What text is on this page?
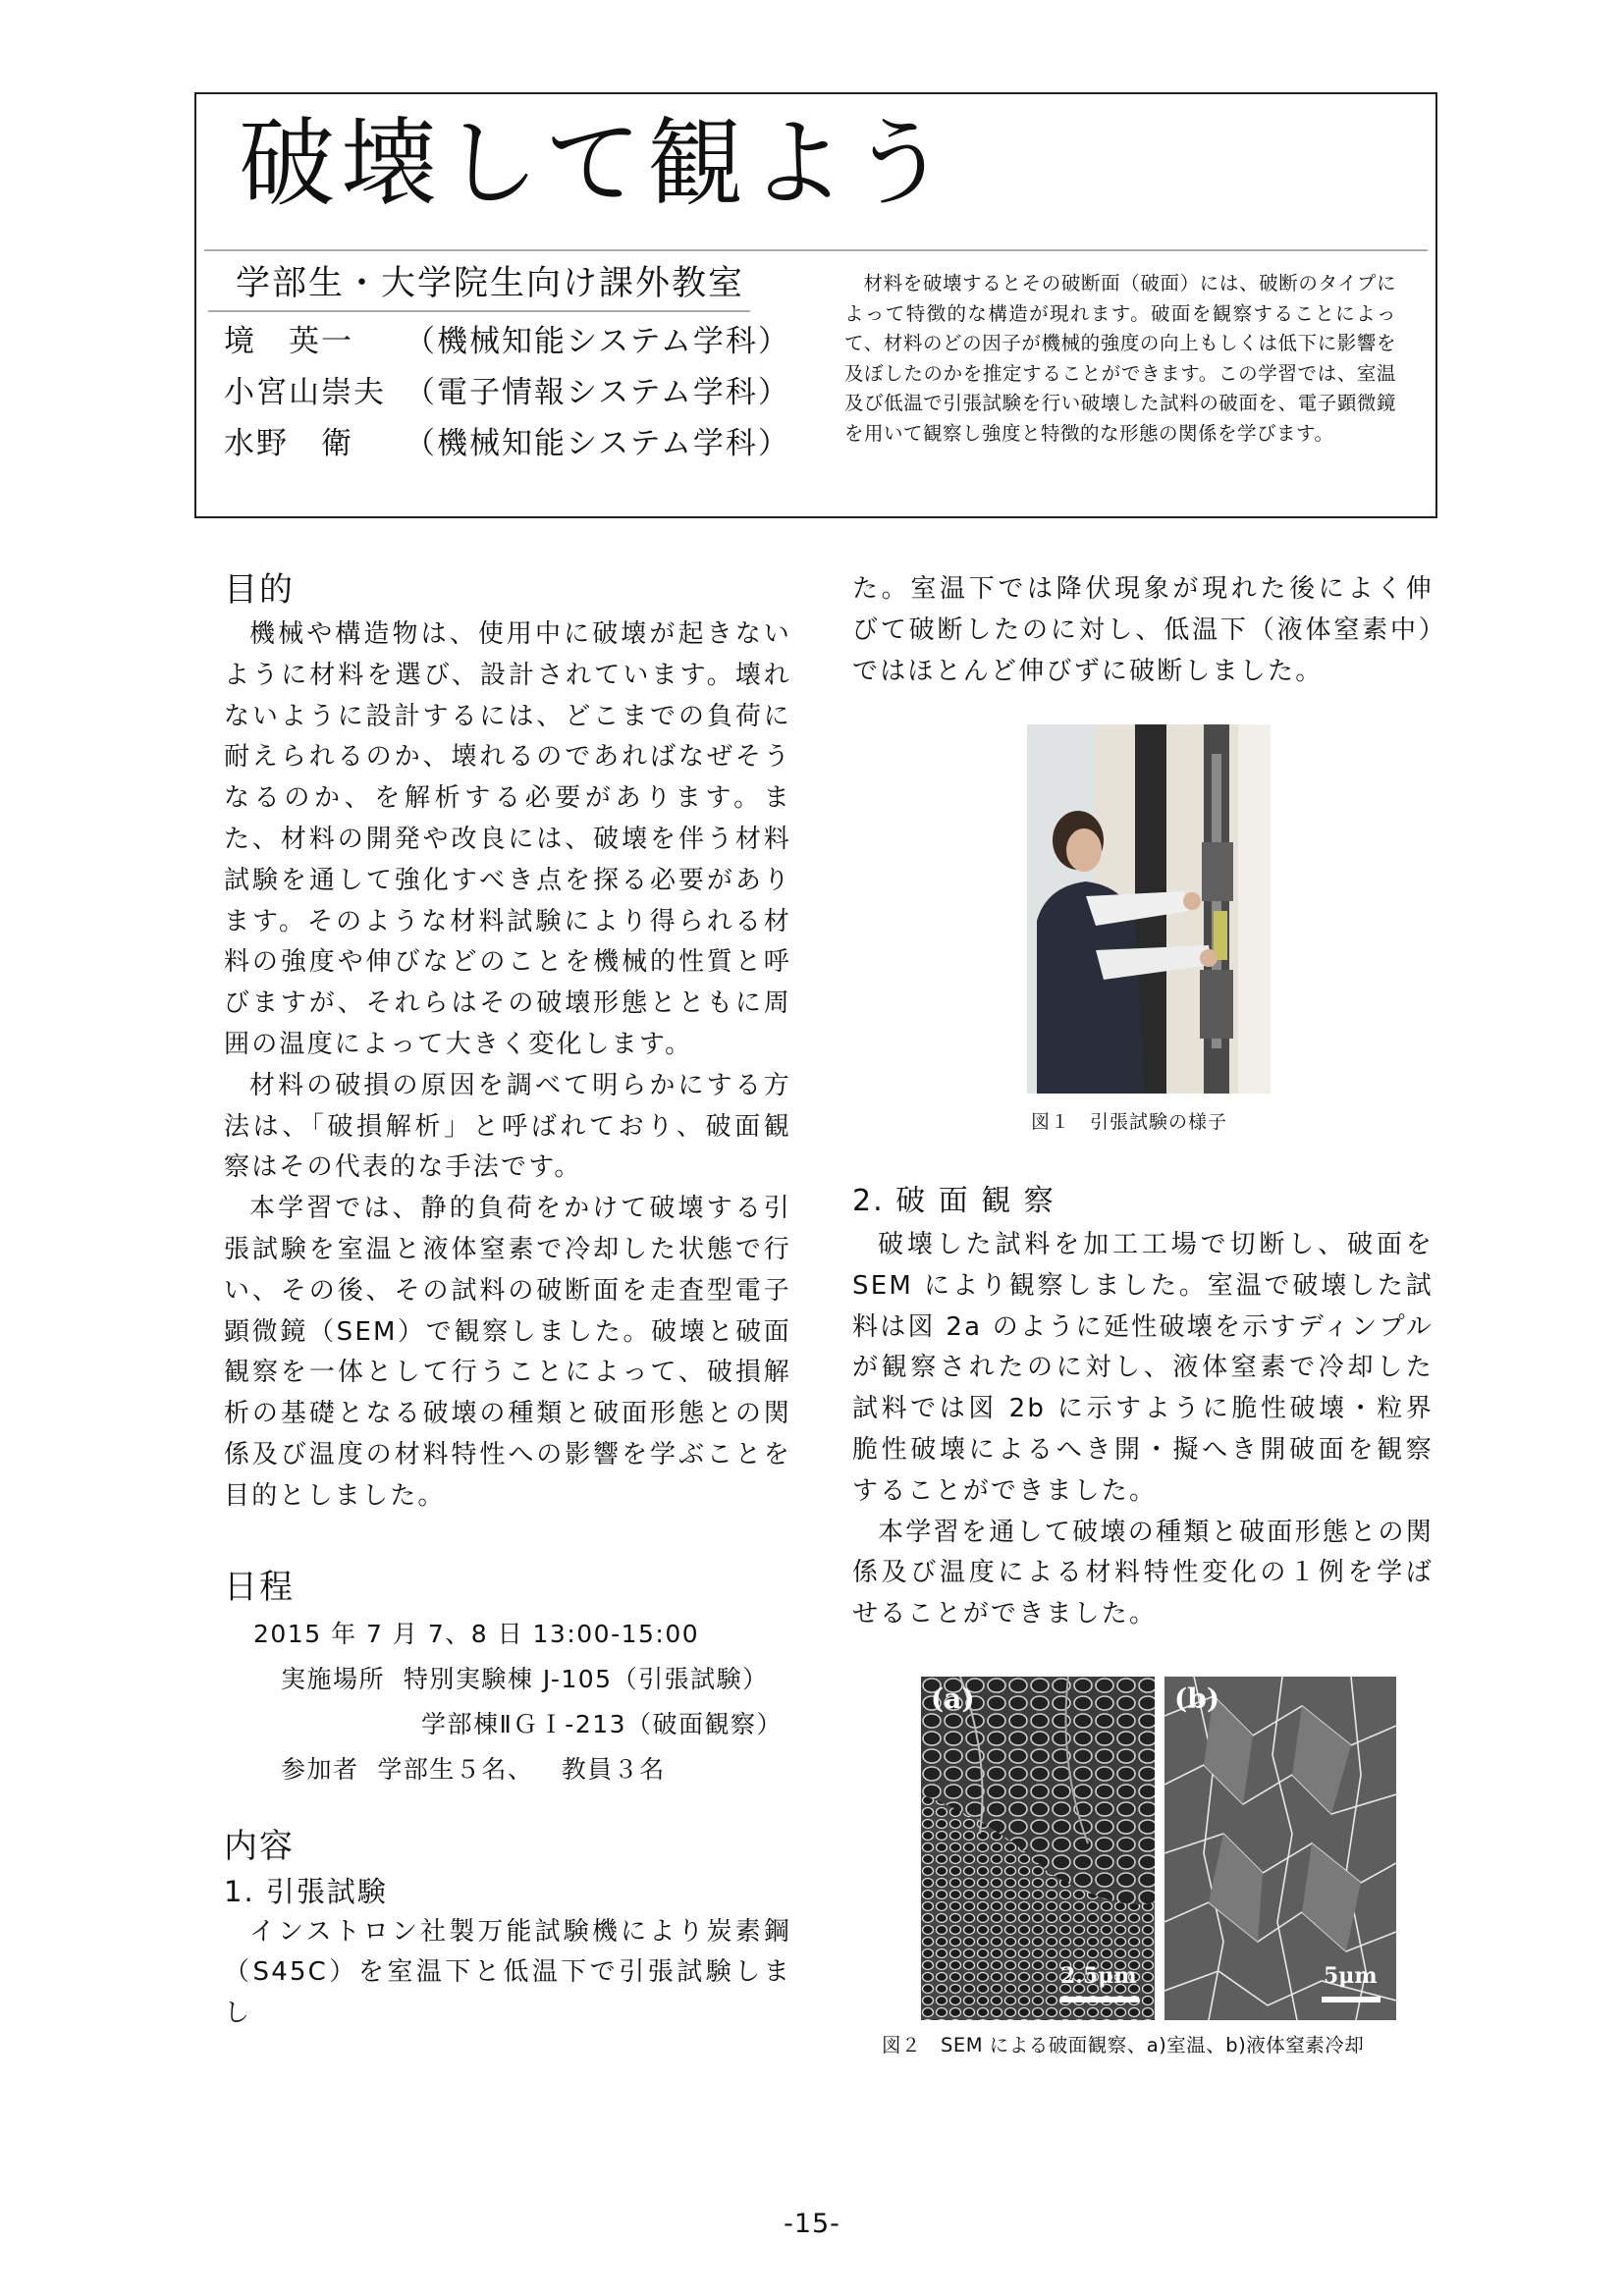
破壊して観よう
学部生・大学院生向け課外教室
境　英一 （機械知能システム学科）
小宮山崇夫 （電子情報システム学科）
水野　衛 （機械知能システム学科）
材料を破壊するとその破断面（破面）には、破断のタイプによって特徴的な構造が現れます。破面を観察することによって、材料のどの因子が機械的強度の向上もしくは低下に影響を及ぼしたのかを推定することができます。この学習では、室温及び低温で引張試験を行い破壊した試料の破面を、電子顕微鏡を用いて観察し強度と特徴的な形態の関係を学びます。
目的

機械や構造物は、使用中に破壊が起きないように材料を選び、設計されています。壊れないように設計するには、どこまでの負荷に耐えられるのか、壊れるのであればなぜそうなるのか、を解析する必要があります。また、材料の開発や改良には、破壊を伴う材料試験を通して強化すべき点を探る必要があります。そのような材料試験により得られる材料の強度や伸びなどのことを機械的性質と呼びますが、それらはその破壊形態とともに周囲の温度によって大きく変化します。

材料の破損の原因を調べて明らかにする方法は、「破損解析」と呼ばれており、破面観察はその代表的な手法です。

本学習では、静的負荷をかけて破壊する引張試験を室温と液体窒素で冷却した状態で行い、その後、その試料の破断面を走査型電子顕微鏡（SEM）で観察しました。破壊と破面観察を一体として行うことによって、破損解析の基礎となる破壊の種類と破面形態との関係及び温度の材料特性への影響を学ぶことを目的としました。

日程
2015 年 7 月 7、8 日 13:00-15:00
実施場所 特別実験棟 J-105（引張試験）
学部棟ⅡＧＩ-213（破面観察）
参加者 学部生５名、 教員３名
内容
1. 引張試験

インストロン社製万能試験機により炭素鋼（S45C）を室温下と低温下で引張試験しまし

た。室温下では降伏現象が現れた後によく伸びて破断したのに対し、低温下（液体窒素中）ではほとんど伸びずに破断しました。

図１　引張試験の様子
2. 破 面 観 察

破壊した試料を加工工場で切断し、破面をSEM により観察しました。室温で破壊した試料は図 2a のように延性破壊を示すディンプルが観察されたのに対し、液体窒素で冷却した試料では図 2b に示すように脆性破壊・粒界脆性破壊によるへき開・擬へき開破面を観察することができました。

本学習を通して破壊の種類と破面形態との関係及び温度による材料特性変化の１例を学ばせることができました。

(a)
2.5μm
(b)
5μm
図２　SEM による破面観察、a)室温、b)液体窒素冷却
-15-
